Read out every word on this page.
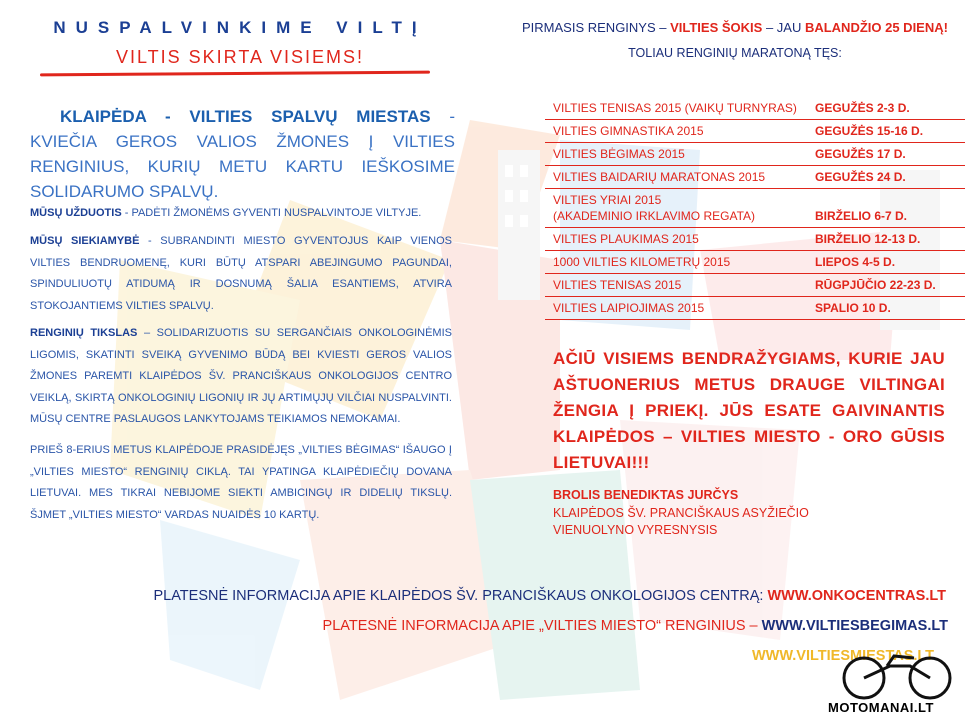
NUSPALVINKIME VILTĮ
VILTIS SKIRTA VISIEMS!
KLAIPĖDA - VILTIES SPALVŲ MIESTAS - KVIEČIA GEROS VALIOS ŽMONES Į VILTIES RENGINIUS, KURIŲ METU KARTU IEŠKOSIME SOLIDARUMO SPALVŲ.
MŪSŲ UŽDUOTIS - PADĖTI ŽMONĖMS GYVENTI NUSPALVINTOJE VILTYJE.
MŪSŲ SIEKIAMYBĖ - SUBRANDINTI MIESTO GYVENTOJUS KAIP VIENOS VILTIES BENDRUOMENĘ, KURI BŪTŲ ATSPARI ABEJINGUMO PAGUNDAI, SPINDULIUOTŲ ATIDUMĄ IR DOSNUMĄ ŠALIA ESANTIEMS, ATVIRA STOKOJANTIEMS VILTIES SPALVŲ.
RENGINIŲ TIKSLAS – SOLIDARIZUOTIS SU SERGANČIAIS ONKOLOGINĖMIS LIGOMIS, SKATINTI SVEIKĄ GYVENIMO BŪDĄ BEI KVIESTI GEROS VALIOS ŽMONES PAREMTI KLAIPĖDOS ŠV. PRANCIŠKAUS ONKOLOGIJOS CENTRO VEIKLĄ, SKIRTĄ ONKOLOGINIŲ LIGONIŲ IR JŲ ARTIMŲJŲ VILČIAI NUSPALVINTI. MŪSŲ CENTRE PASLAUGOS LANKYTOJAMS TEIKIAMOS NEMOKAMAI.
PRIEŠ 8-ERIUS METUS KLAIPĖDOJE PRASIDĖJĘS „VILTIES BĖGIMAS“ IŠAUGO Į „VILTIES MIESTO“ RENGINIŲ CIKLĄ. TAI YPATINGA KLAIPĖDIEČIŲ DOVANA LIETUVAI. MES TIKRAI NEBIJOME SIEKTI AMBICINGŲ IR DIDELIŲ TIKSLŲ. ŠJMET „VILTIES MIESTO“ VARDAS NUAIDĖS 10 KARTŲ.
PIRMASIS RENGINYS – VILTIES ŠOKIS – JAU BALANDŽIO 25 DIENĄ!
TOLIAU RENGINIŲ MARATONĄ TĘS:
VILTIES TENISAS 2015 (VAIKŲ TURNYRAS)	GEGUŽĖS 2-3 D.
VILTIES GIMNASTIKA 2015	GEGUŽĖS 15-16 D.
VILTIES BĖGIMAS 2015	GEGUŽĖS 17 D.
VILTIES BAIDARIŲ MARATONAS 2015	GEGUŽĖS 24 D.
VILTIES YRIAI 2015
(AKADEMINIO IRKLAVIMO REGATA)	BIRŽELIO 6-7 D.
VILTIES PLAUKIMAS 2015	BIRŽELIO 12-13 D.
1000 VILTIES KILOMETRŲ 2015	LIEPOS 4-5 D.
VILTIES TENISAS 2015	RŪGPJŪČIO 22-23 D.
VILTIES LAIPIOJIMAS 2015	SPALIO 10 D.
AČIŪ VISIEMS BENDRAŽYGIAMS, KURIE JAU AŠTUONERIUS METUS DRAUGE VILTINGAI ŽENGIA Į PRIEKĮ. JŪS ESATE GAIVINANTIS KLAIPĖDOS – VILTIES MIESTO - ORO GŪSIS LIETUVAI!!!
BROLIS BENEDIKTAS JURČYS
KLAIPĖDOS ŠV. PRANCIŠKAUS ASYŽIEČIO
VIENUOLYNO VYRESNYSIS
PLATESNĖ INFORMACIJA APIE KLAIPĖDOS ŠV. PRANCIŠKAUS ONKOLOGIJOS CENTRĄ: WWW.ONKOCENTRAS.LT
PLATESNĖ INFORMACIJA APIE „VILTIES MIESTO“ RENGINIUS – WWW.VILTIESBEGIMAS.LT
WWW.VILTIESMIESTAS.LT
MOTOMANAI.LT
